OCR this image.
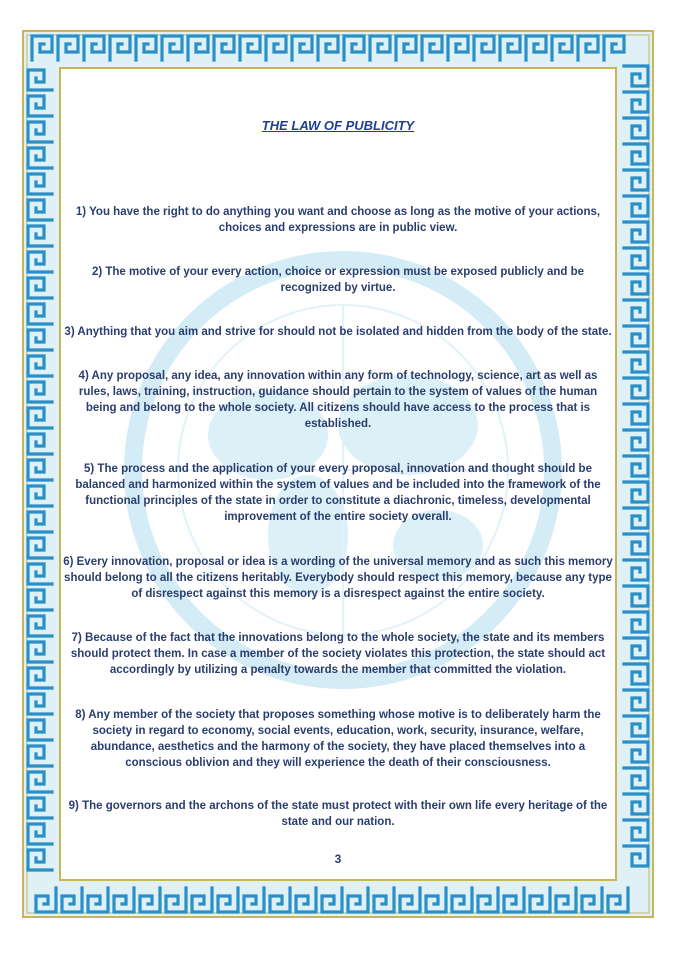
THE LAW OF PUBLICITY

1) You have the right to do anything you want and choose as long as the motive of your actions, choices and expressions are in public view.

2) The motive of your every action, choice or expression must be exposed publicly and be recognized by virtue.

3) Anything that you aim and strive for should not be isolated and hidden from the body of the state.

4) Any proposal, any idea, any innovation within any form of technology, science, art as well as rules, laws, training, instruction, guidance should pertain to the system of values of the human being and belong to the whole society. All citizens should have access to the process that is established.

5) The process and the application of your every proposal, innovation and thought should be balanced and harmonized within the system of values and be included into the framework of the functional principles of the state in order to constitute a diachronic, timeless, developmental improvement of the entire society overall.

6) Every innovation, proposal or idea is a wording of the universal memory and as such this memory should belong to all the citizens heritably. Everybody should respect this memory, because any type of disrespect against this memory is a disrespect against the entire society.

7) Because of the fact that the innovations belong to the whole society, the state and its members should protect them. In case a member of the society violates this protection, the state should act accordingly by utilizing a penalty towards the member that committed the violation.

8) Any member of the society that proposes something whose motive is to deliberately harm the society in regard to economy, social events, education, work, security, insurance, welfare, abundance, aesthetics and the harmony of the society, they have placed themselves into a conscious oblivion and they will experience the death of their consciousness.

9) The governors and the archons of the state must protect with their own life every heritage of the state and our nation.

3
